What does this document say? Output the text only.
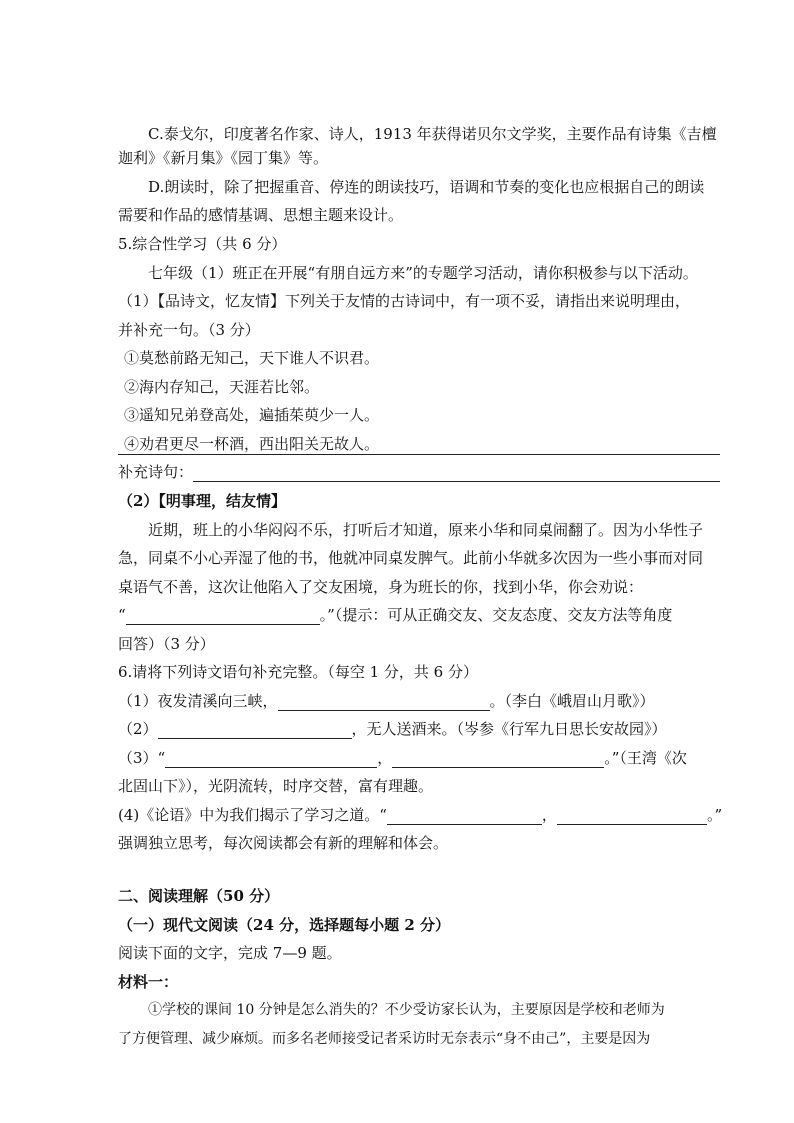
C.泰戈尔，印度著名作家、诗人，1913 年获得诺贝尔文学奖，主要作品有诗集《吉檀
迦利》《新月集》《园丁集》等。
D.朗读时，除了把握重音、停连的朗读技巧，语调和节奏的变化也应根据自己的朗读
需要和作品的感情基调、思想主题来设计。
5.综合性学习（共 6 分）
七年级（1）班正在开展“有朋自远方来”的专题学习活动，请你积极参与以下活动。
（1）【品诗文，忆友情】下列关于友情的古诗词中，有一项不妥，请指出来说明理由，
并补充一句。（3 分）
①莫愁前路无知己，天下谁人不识君。
②海内存知己，天涯若比邻。
③遥知兄弟登高处，遍插茱萸少一人。
④劝君更尽一杯酒，西出阳关无故人。
补充诗句：
（2）【明事理，结友情】
近期，班上的小华闷闷不乐，打听后才知道，原来小华和同桌闹翻了。因为小华性子
急，同桌不小心弄湿了他的书，他就冲同桌发脾气。此前小华就多次因为一些小事而对同
桌语气不善，这次让他陷入了交友困境，身为班长的你，找到小华，你会劝说：
“	。”（提示：可从正确交友、交友态度、交友方法等角度
回答）（3 分）
6.请将下列诗文语句补充完整。（每空 1 分，共 6 分）
（1）夜发清溪向三峡，	。（李白《峨眉山月歌》）
（2）	，无人送酒来。（岑参《行军九日思长安故园》）
（3）“	，	。”（王湾《次
北固山下》），光阴流转，时序交替，富有理趣。
(4)《论语》中为我们揭示了学习之道。“	，	。”
强调独立思考，每次阅读都会有新的理解和体会。
二、阅读理解（50 分）
（一）现代文阅读（24 分，选择题每小题 2 分）
阅读下面的文字，完成 7—9 题。
材料一：
①学校的课间 10 分钟是怎么消失的？不少受访家长认为，主要原因是学校和老师为
了方便管理、减少麻烦。而多名老师接受记者采访时无奈表示“身不由己”，主要是因为
